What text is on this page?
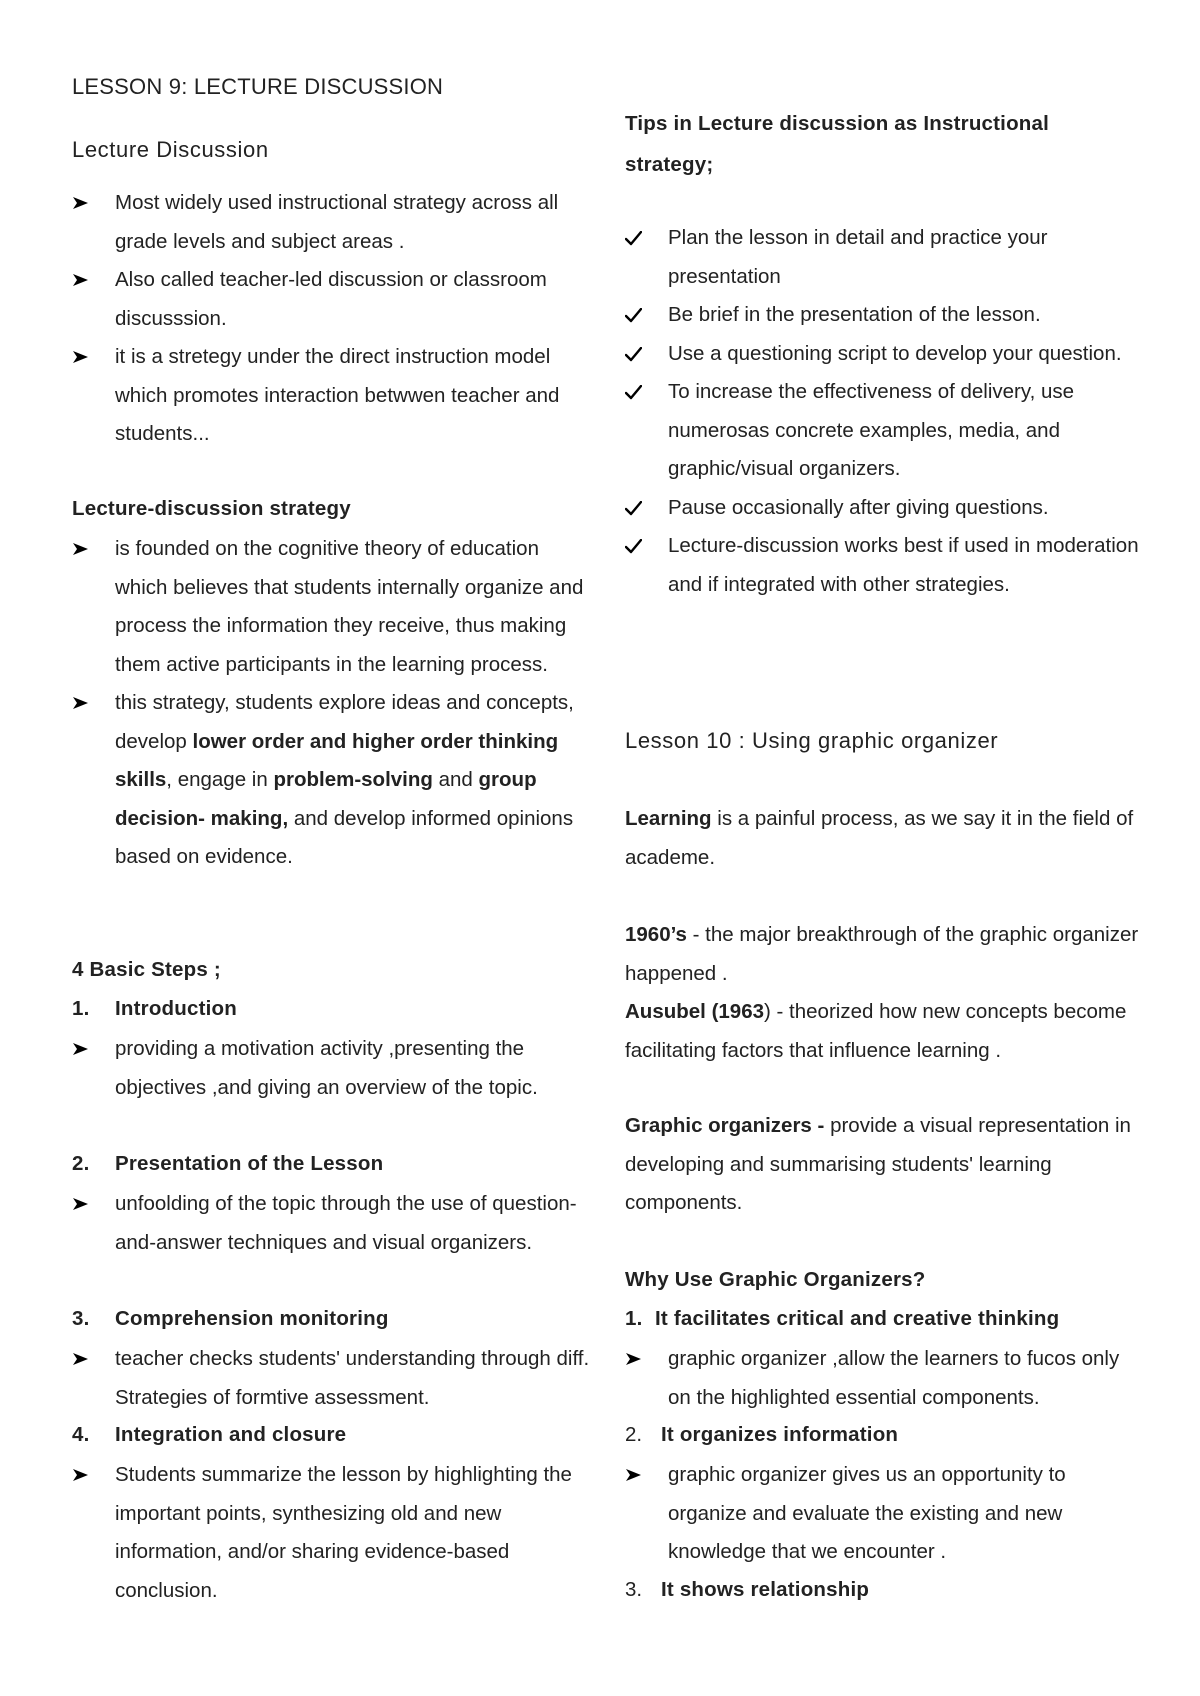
LESSON 9: LECTURE DISCUSSION
Lecture Discussion
Most widely used instructional strategy across all grade levels and subject areas .
Also called teacher-led discussion or classroom discusssion.
it is a stretegy under the direct instruction model which promotes interaction betwwen teacher and students...
Lecture-discussion strategy
is founded on the cognitive theory of education which believes that students internally organize and process the information they receive, thus making them active participants in the learning process.
this strategy, students explore ideas and concepts, develop lower order and higher order thinking skills, engage in problem-solving and group decision- making, and develop informed opinions based on evidence.
4 Basic Steps ;
1. Introduction
providing a motivation activity ,presenting the objectives ,and giving an overview of the topic.
2. Presentation of the Lesson
unfoolding of the topic through the use of question-and-answer techniques and visual organizers.
3. Comprehension monitoring
teacher checks students' understanding through diff. Strategies of formtive assessment.
4. Integration and closure
Students summarize the lesson by highlighting the important points, synthesizing old and new information, and/or sharing evidence-based conclusion.
Tips in Lecture discussion as Instructional
strategy;
Plan the lesson in detail and practice your presentation
Be brief in the presentation of the lesson.
Use a questioning script to develop your question.
To increase the effectiveness of delivery, use numerosas concrete examples, media, and graphic/visual organizers.
Pause occasionally after giving questions.
Lecture-discussion works best if used in moderation and if integrated with other strategies.
Lesson 10 : Using graphic organizer

Learning is a painful process, as we say it in the field of academe.

1960’s - the major breakthrough of the graphic organizer happened .

Ausubel (1963) - theorized how new concepts become facilitating factors that influence learning .

Graphic organizers - provide a visual representation in developing and summarising students' learning components.

Why Use Graphic Organizers?
1. It facilitates critical and creative thinking
graphic organizer ,allow the learners to fucos only on the highlighted essential components.
2. It organizes information
graphic organizer gives us an opportunity to organize and evaluate the existing and new knowledge that we encounter .
3. It shows relationship
